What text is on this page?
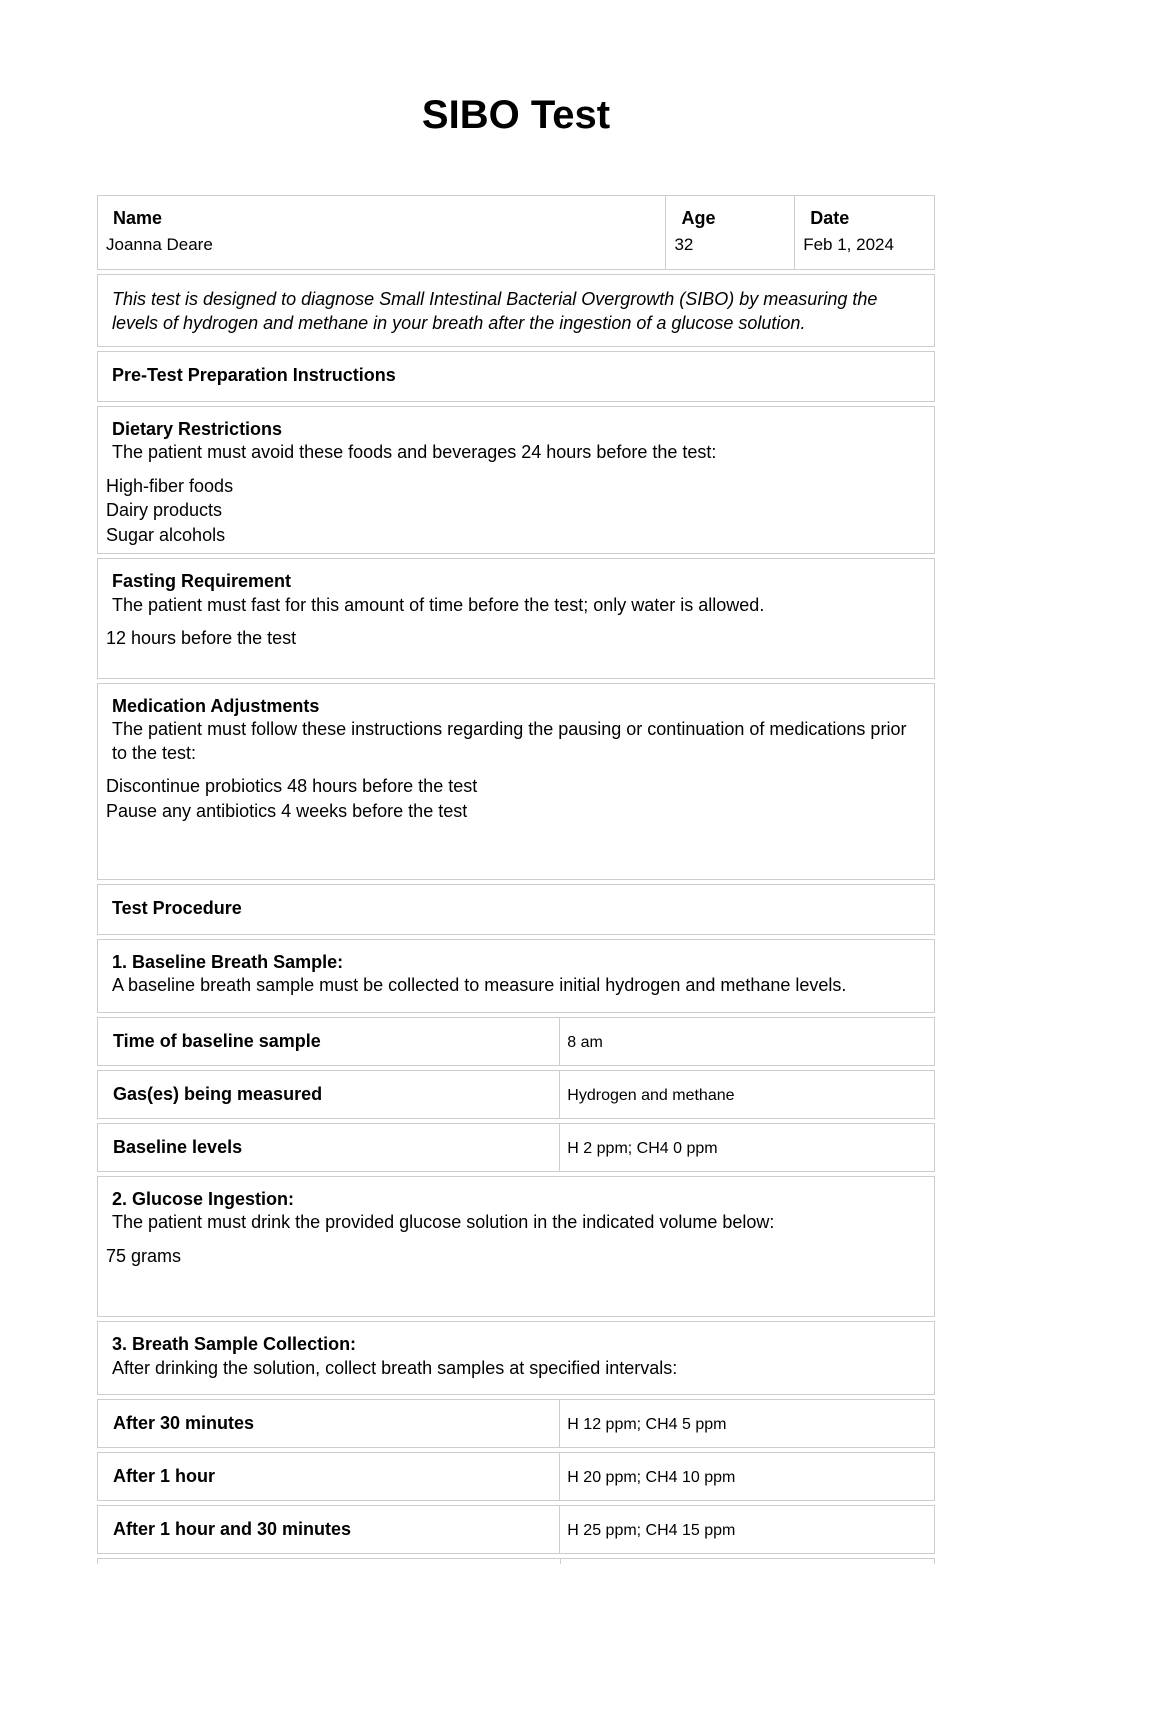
SIBO Test
Name
Joanna Deare
Age
32
Date
Feb 1, 2024
This test is designed to diagnose Small Intestinal Bacterial Overgrowth (SIBO) by measuring the levels of hydrogen and methane in your breath after the ingestion of a glucose solution.
Pre-Test Preparation Instructions
Dietary Restrictions
The patient must avoid these foods and beverages 24 hours before the test:
High-fiber foods
Dairy products
Sugar alcohols
Fasting Requirement
The patient must fast for this amount of time before the test; only water is allowed.
12 hours before the test
Medication Adjustments
The patient must follow these instructions regarding the pausing or continuation of medications prior to the test:
Discontinue probiotics 48 hours before the test
Pause any antibiotics 4 weeks before the test
Test Procedure
1. Baseline Breath Sample:
A baseline breath sample must be collected to measure initial hydrogen and methane levels.
Time of baseline sample	8 am
Gas(es) being measured	Hydrogen and methane
Baseline levels	H 2 ppm; CH4 0 ppm
2. Glucose Ingestion:
The patient must drink the provided glucose solution in the indicated volume below:
75 grams
3. Breath Sample Collection:
After drinking the solution, collect breath samples at specified intervals:
After 30 minutes	H 12 ppm; CH4 5 ppm
After 1 hour	H 20 ppm; CH4 10 ppm
After 1 hour and 30 minutes	H 25 ppm; CH4 15 ppm
